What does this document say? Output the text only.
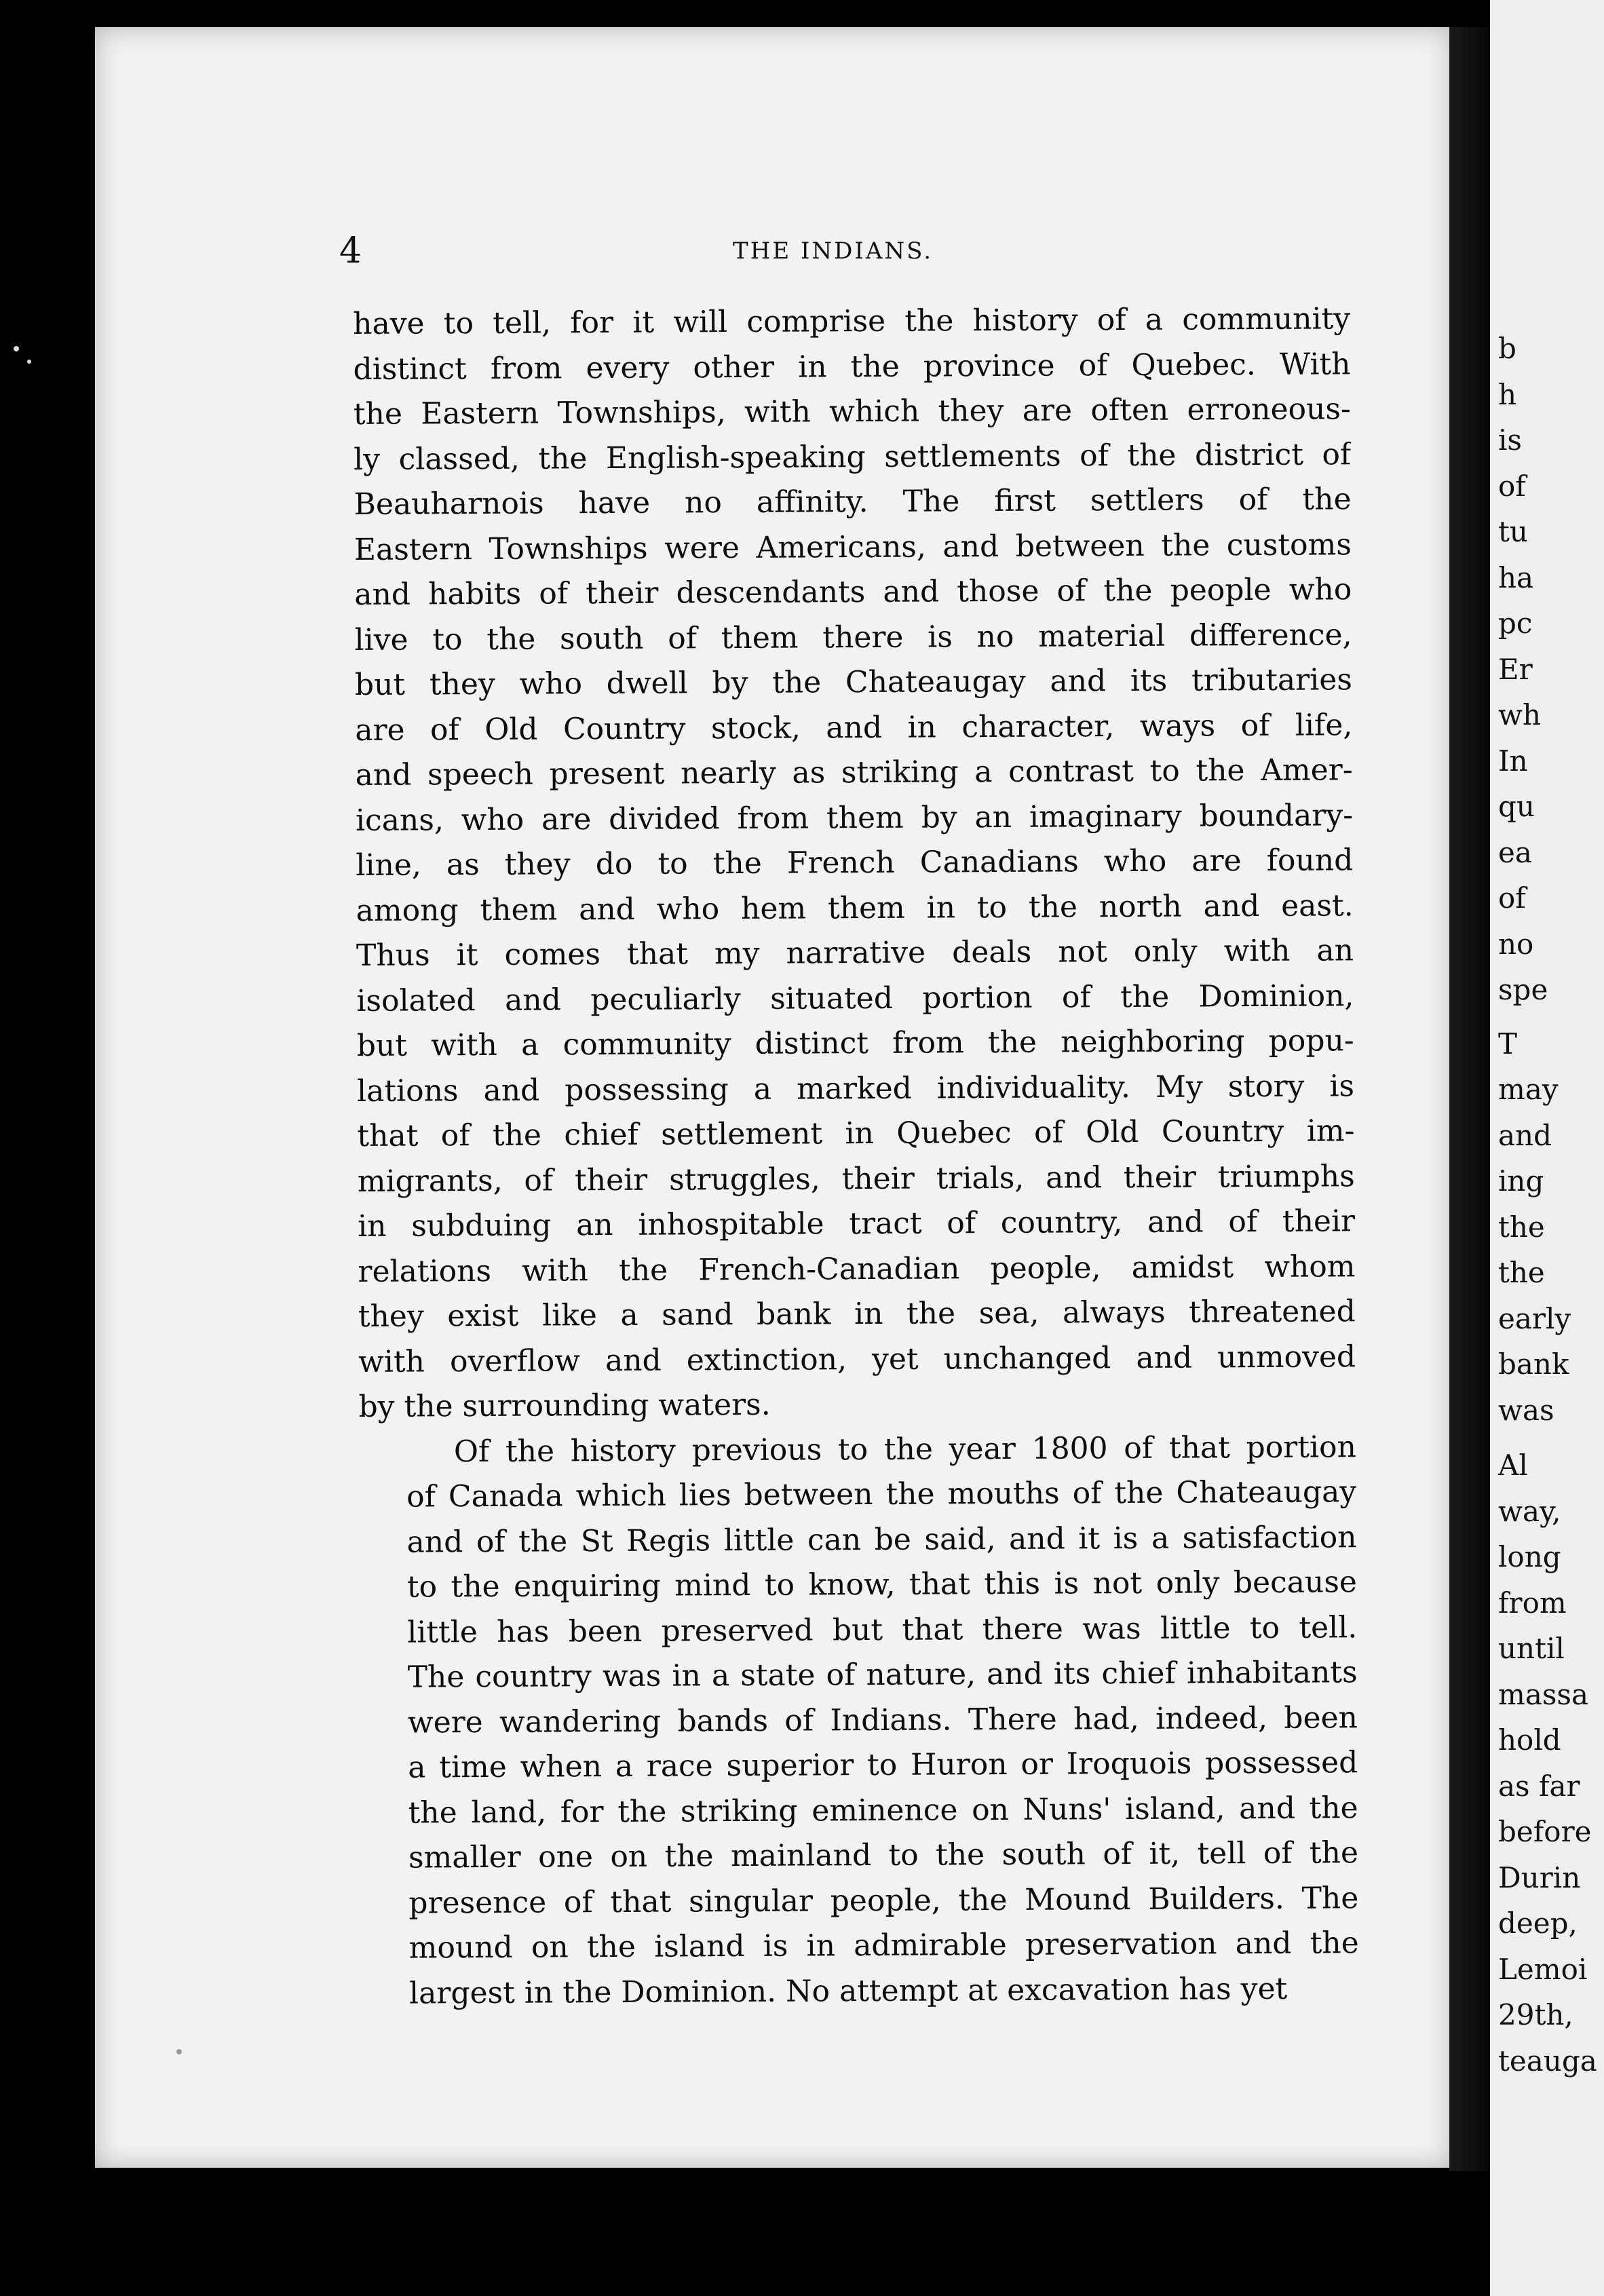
4	THE INDIANS.

have to tell, for it will comprise the history of a community
distinct from every other in the province of Quebec. With
the Eastern Townships, with which they are often erroneous-
ly classed, the English-speaking settlements of the district of
Beauharnois have no affinity. The first settlers of the
Eastern Townships were Americans, and between the customs
and habits of their descendants and those of the people who
live to the south of them there is no material difference,
but they who dwell by the Chateaugay and its tributaries
are of Old Country stock, and in character, ways of life,
and speech present nearly as striking a contrast to the Amer-
icans, who are divided from them by an imaginary boundary-
line, as they do to the French Canadians who are found
among them and who hem them in to the north and east.
Thus it comes that my narrative deals not only with an
isolated and peculiarly situated portion of the Dominion,
but with a community distinct from the neighboring popu-
lations and possessing a marked individuality. My story is
that of the chief settlement in Quebec of Old Country im-
migrants, of their struggles, their trials, and their triumphs
in subduing an inhospitable tract of country, and of their
relations with the French-Canadian people, amidst whom
they exist like a sand bank in the sea, always threatened
with overflow and extinction, yet unchanged and unmoved
by the surrounding waters.

Of the history previous to the year 1800 of that portion
of Canada which lies between the mouths of the Chateaugay
and of the St Regis little can be said, and it is a satisfaction
to the enquiring mind to know, that this is not only because
little has been preserved but that there was little to tell.
The country was in a state of nature, and its chief inhabitants
were wandering bands of Indians. There had, indeed, been
a time when a race superior to Huron or Iroquois possessed
the land, for the striking eminence on Nuns' island, and the
smaller one on the mainland to the south of it, tell of the
presence of that singular people, the Mound Builders. The
mound on the island is in admirable preservation and the
largest in the Dominion. No attempt at excavation has yet

b
h
is
of
tu
ha
pc
Er
wh
In
qu
ea
of
no
spe
T
may
and
ing
the
the
early
bank
was
Al
way,
long
from
until
massa
hold
as far
before
Durin
deep,
Lemoi
29th,
teauga
